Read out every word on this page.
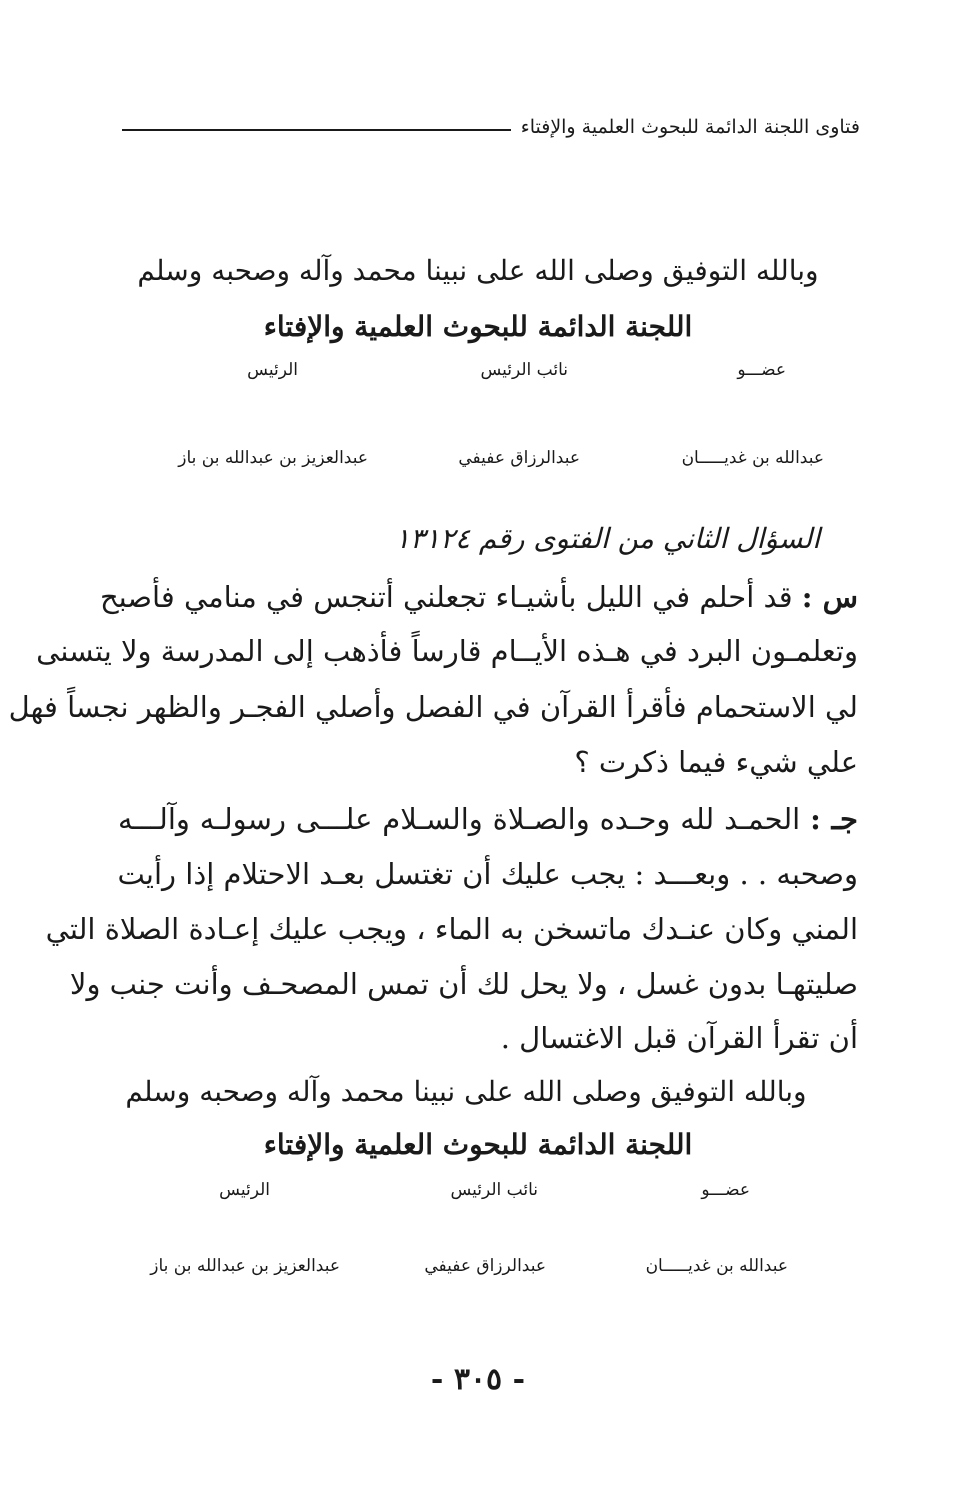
فتاوى اللجنة الدائمة للبحوث العلمية والإفتاء
وبالله التوفيق وصلى الله على نبينا محمد وآله وصحبه وسلم
اللجنة الدائمة للبحوث العلمية والإفتاء
عضـــو
نائب الرئيس
الرئيس
عبدالله بن غديـــــان
عبدالرزاق عفيفي
عبدالعزيز بن عبدالله بن باز
السؤال الثاني من الفتوى رقم ١٣١٢٤
س : قد أحلم في الليل بأشيـاء تجعلني أتنجس في منامي فأصبح
وتعلمـون البرد في هـذه الأيــام قارساً فأذهب إلى المدرسة ولا يتسنى
لي الاستحمام فأقرأ القرآن في الفصل وأصلي الفجـر والظهر نجساً فهل
علي شيء فيما ذكرت ؟
جـ : الحمـد لله وحـده والصـلاة والسـلام علـــى رسولـه وآلـــه
وصحبه . . وبعـــد : يجب عليك أن تغتسل بعـد الاحتلام إذا رأيت
المني وكان عنـدك ماتسخن به الماء ، ويجب عليك إعـادة الصلاة التي
صليتهـا بدون غسل ، ولا يحل لك أن تمس المصحـف وأنت جنب ولا
أن تقرأ القرآن قبل الاغتسال .
وبالله التوفيق وصلى الله على نبينا محمد وآله وصحبه وسلم
اللجنة الدائمة للبحوث العلمية والإفتاء
عضـــو
نائب الرئيس
الرئيس
عبدالله بن غديـــــان
عبدالرزاق عفيفي
عبدالعزيز بن عبدالله بن باز
- ٣٠٥ -
